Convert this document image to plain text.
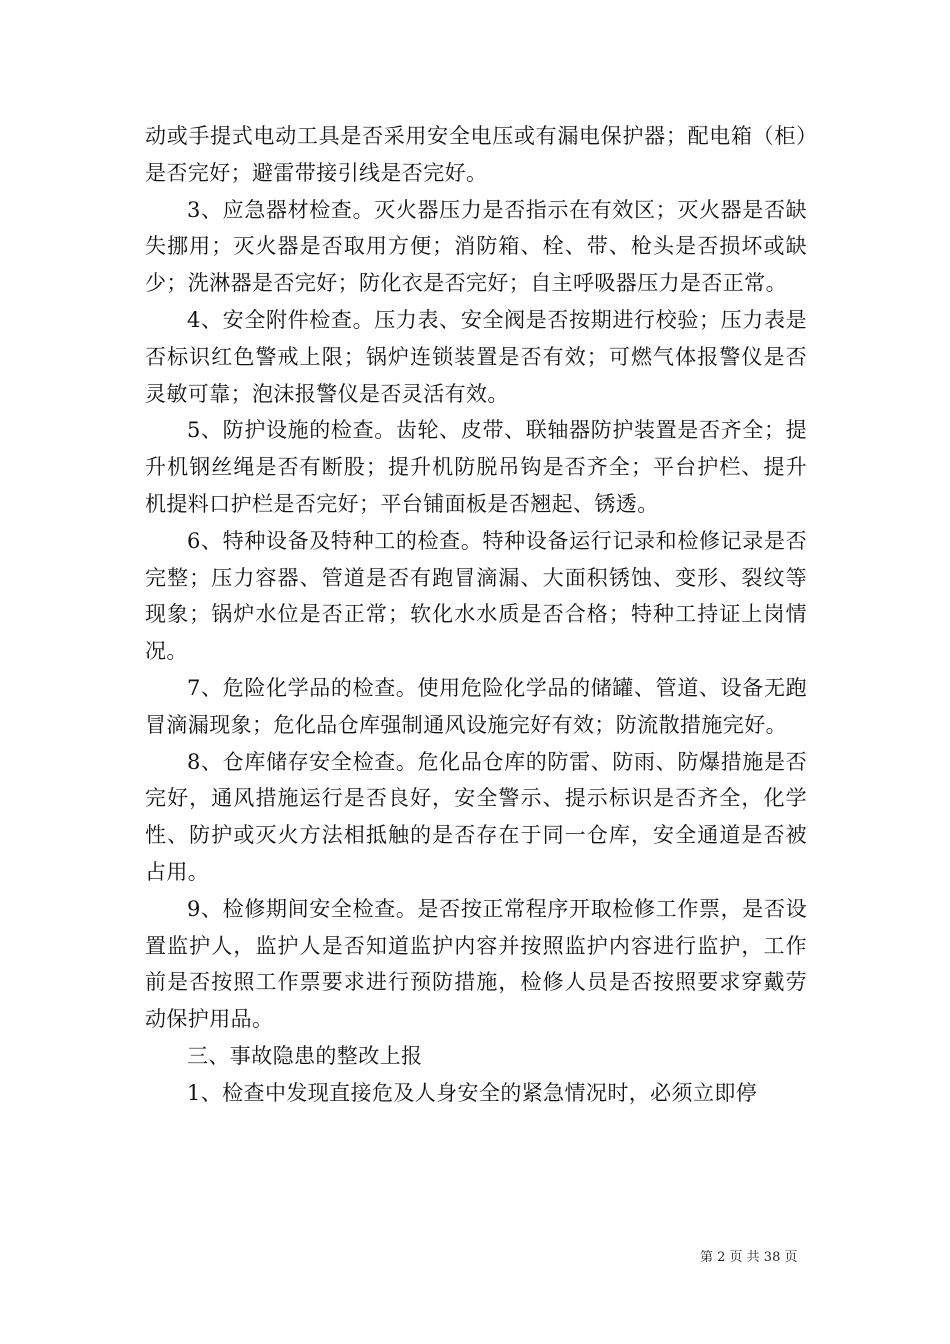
动或手提式电动工具是否采用安全电压或有漏电保护器；配电箱（柜）是否完好；避雷带接引线是否完好。

3、应急器材检查。灭火器压力是否指示在有效区；灭火器是否缺失挪用；灭火器是否取用方便；消防箱、栓、带、枪头是否损坏或缺少；洗淋器是否完好；防化衣是否完好；自主呼吸器压力是否正常。

4、安全附件检查。压力表、安全阀是否按期进行校验；压力表是否标识红色警戒上限；锅炉连锁装置是否有效；可燃气体报警仪是否灵敏可靠；泡沫报警仪是否灵活有效。

5、防护设施的检查。齿轮、皮带、联轴器防护装置是否齐全；提升机钢丝绳是否有断股；提升机防脱吊钩是否齐全；平台护栏、提升机提料口护栏是否完好；平台铺面板是否翘起、锈透。

6、特种设备及特种工的检查。特种设备运行记录和检修记录是否完整；压力容器、管道是否有跑冒滴漏、大面积锈蚀、变形、裂纹等现象；锅炉水位是否正常；软化水水质是否合格；特种工持证上岗情况。

7、危险化学品的检查。使用危险化学品的储罐、管道、设备无跑冒滴漏现象；危化品仓库强制通风设施完好有效；防流散措施完好。

8、仓库储存安全检查。危化品仓库的防雷、防雨、防爆措施是否完好，通风措施运行是否良好，安全警示、提示标识是否齐全，化学性、防护或灭火方法相抵触的是否存在于同一仓库，安全通道是否被占用。

9、检修期间安全检查。是否按正常程序开取检修工作票，是否设置监护人，监护人是否知道监护内容并按照监护内容进行监护，工作前是否按照工作票要求进行预防措施，检修人员是否按照要求穿戴劳动保护用品。

三、事故隐患的整改上报

1、检查中发现直接危及人身安全的紧急情况时，必须立即停

第 2 页 共 38 页
